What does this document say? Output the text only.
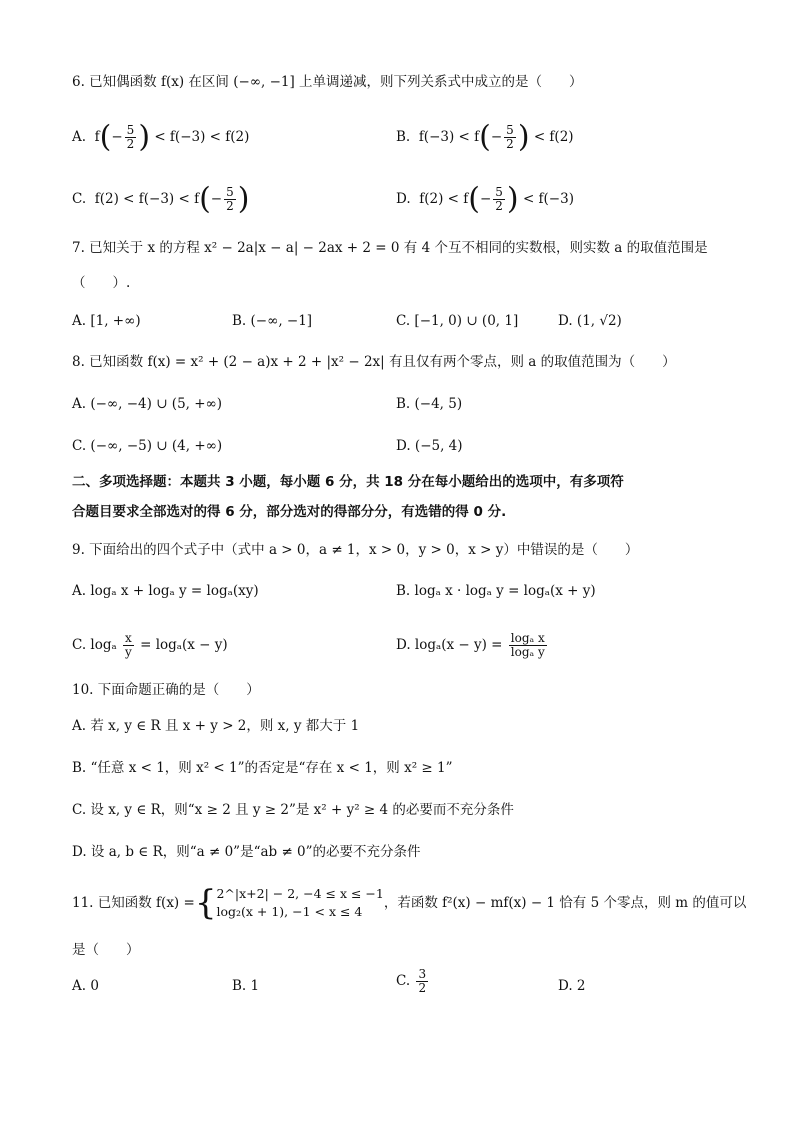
6. 已知偶函数 f(x) 在区间 (−∞, −1] 上单调递减，则下列关系式中成立的是（　　）
A. $f(- \frac{5}{2}$ ) < f(−3) < f(2)	B. $f(-3) < f(- \frac{5}{2}$ ) < f(2)
C. $f(2) < f(-3) < f(- \frac{5}{2}$ )	D. $f(2) < f(- \frac{5}{2}$ ) < f(−3)
7. 已知关于 x 的方程 x² − 2a|x − a| − 2ax + 2 = 0 有 4 个互不相同的实数根，则实数 a 的取值范围是
（　　）.
A. [1, +∞)	B. (−∞, −1]	C. [−1, 0) ∪ (0, 1]	D. (1, √2)
8. 已知函数 f(x) = x² + (2 − a)x + 2 + |x² − 2x| 有且仅有两个零点，则 a 的取值范围为（　　）
A. (−∞, −4) ∪ (5, +∞)	B. (−4, 5)
C. (−∞, −5) ∪ (4, +∞)	D. (−5, 4)
二、多项选择题：本题共 3 小题，每小题 6 分，共 18 分在每小题给出的选项中，有多项符
合题目要求全部选对的得 6 分，部分选对的得部分分，有选错的得 0 分.
9. 下面给出的四个式子中（式中 a > 0，a ≠ 1，x > 0，y > 0，x > y）中错误的是（　　）
A. logₐ x + logₐ y = logₐ(xy)	B. logₐ x · logₐ y = logₐ(x + y)
C. logₐ $\frac{x}{y} = \log_a(x - y)$	D. $\log_a(x - y) = \frac{\text{logₐ x}}{\text{logₐ y}}$
10. 下面命题正确的是（　　）
A. 若 x, y ∈ R 且 x + y > 2，则 x, y 都大于 1
B. “任意 x < 1，则 x² < 1”的否定是“存在 x < 1，则 x² ≥ 1”
C. 设 x, y ∈ R，则“x ≥ 2 且 y ≥ 2”是 x² + y² ≥ 4 的必要而不充分条件
D. 设 a, b ∈ R，则“a ≠ 0”是“ab ≠ 0”的必要不充分条件
11. 已知函数 f(x) = { 2^|x+2| − 2, −4 ≤ x ≤ −1
log₂(x + 1), −1 < x ≤ 4
，若函数 f²(x) − mf(x) − 1 恰有 5 个零点，则 m 的值可以
是（　　）
A. 0	B. 1	C. $\frac{3}{2}$	D. 2
